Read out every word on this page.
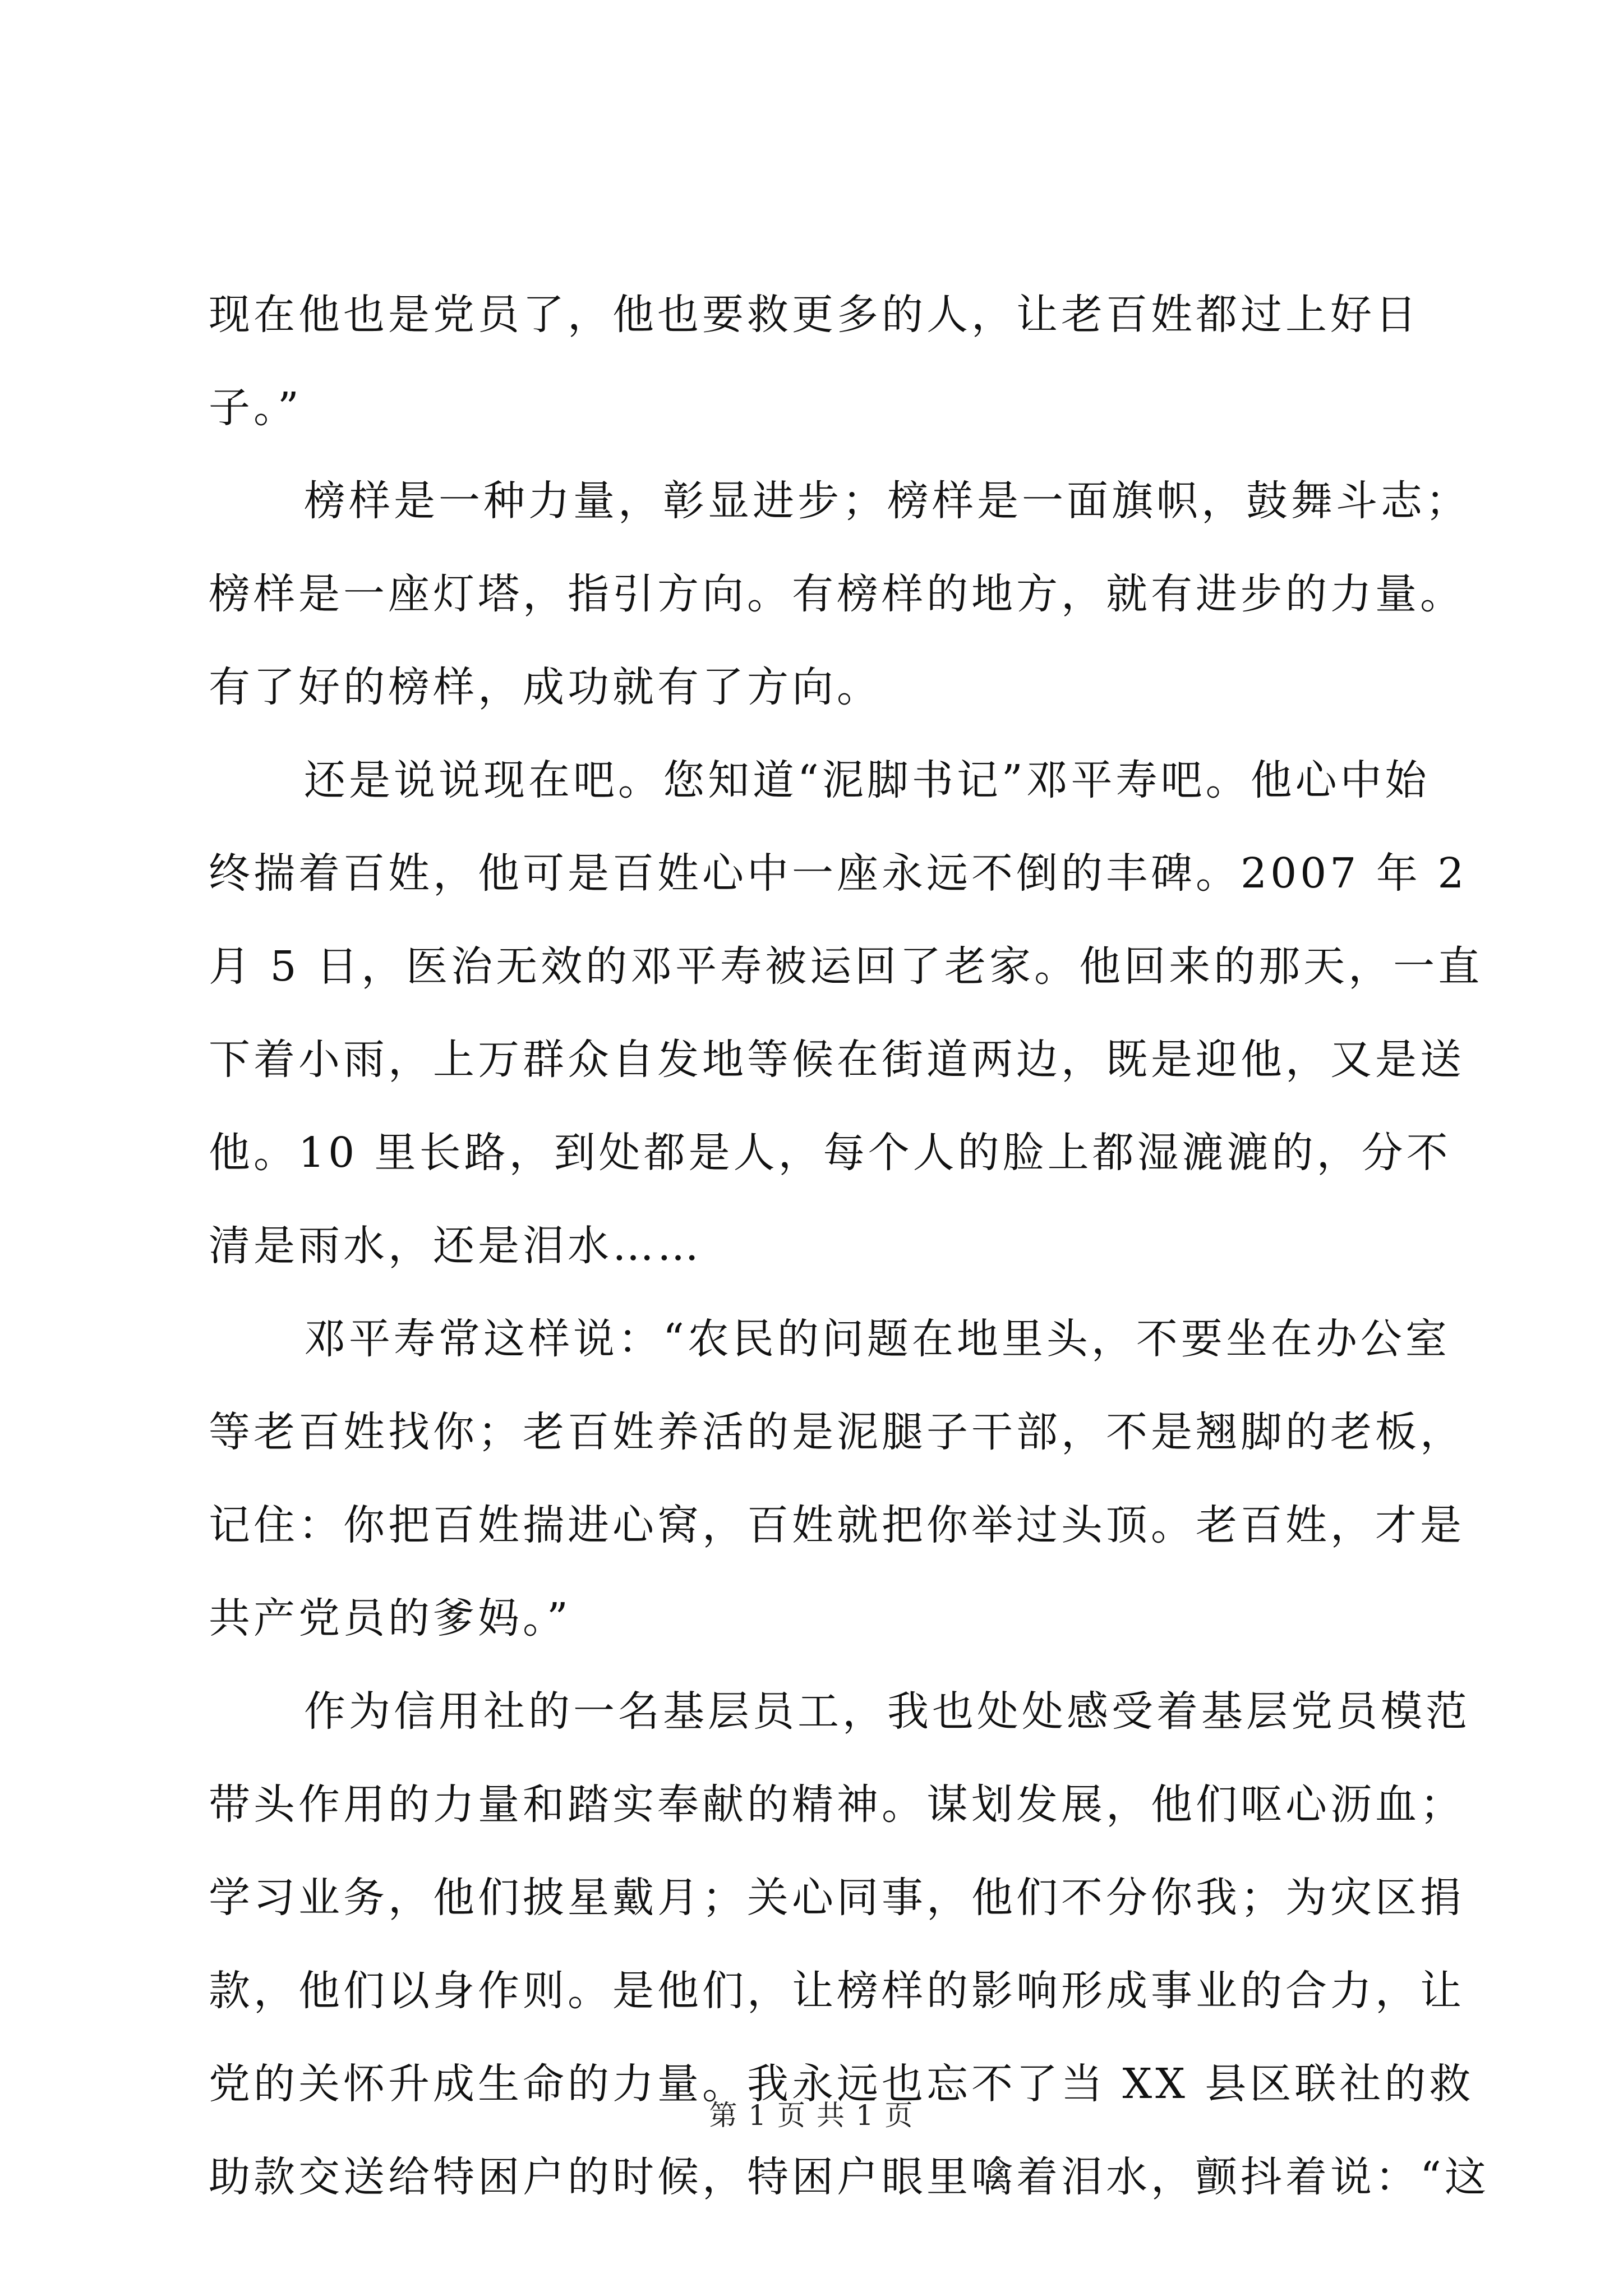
现在他也是党员了，他也要救更多的人，让老百姓都过上好日
子。”
榜样是一种力量，彰显进步；榜样是一面旗帜，鼓舞斗志；
榜样是一座灯塔，指引方向。有榜样的地方，就有进步的力量。
有了好的榜样，成功就有了方向。
还是说说现在吧。您知道“泥脚书记”邓平寿吧。他心中始
终揣着百姓，他可是百姓心中一座永远不倒的丰碑。2007 年 2
月 5 日，医治无效的邓平寿被运回了老家。他回来的那天，一直
下着小雨，上万群众自发地等候在街道两边，既是迎他，又是送
他。10 里长路，到处都是人，每个人的脸上都湿漉漉的，分不
清是雨水，还是泪水……
邓平寿常这样说：“农民的问题在地里头，不要坐在办公室
等老百姓找你；老百姓养活的是泥腿子干部，不是翘脚的老板，
记住：你把百姓揣进心窝，百姓就把你举过头顶。老百姓，才是
共产党员的爹妈。”
作为信用社的一名基层员工，我也处处感受着基层党员模范
带头作用的力量和踏实奉献的精神。谋划发展，他们呕心沥血；
学习业务，他们披星戴月；关心同事，他们不分你我；为灾区捐
款，他们以身作则。是他们，让榜样的影响形成事业的合力，让
党的关怀升成生命的力量。我永远也忘不了当 XX 县区联社的救
助款交送给特困户的时候，特困户眼里噙着泪水，颤抖着说：“这
第 1 页 共 1 页
